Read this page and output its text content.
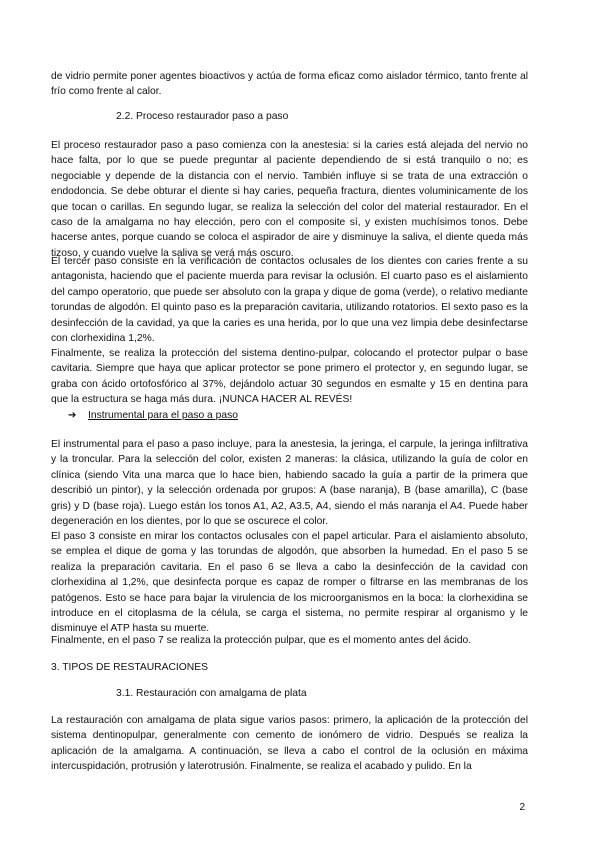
de vidrio permite poner agentes bioactivos y actúa de forma eficaz como aislador térmico, tanto frente al frío como frente al calor.

2.2. Proceso restaurador paso a paso

El proceso restaurador paso a paso comienza con la anestesia: si la caries está alejada del nervio no hace falta, por lo que se puede preguntar al paciente dependiendo de si está tranquilo o no; es negociable y depende de la distancia con el nervio. También influye si se trata de una extracción o endodoncia. Se debe obturar el diente si hay caries, pequeña fractura, dientes voluminicamente de los que tocan o carillas. En segundo lugar, se realiza la selección del color del material restaurador. En el caso de la amalgama no hay elección, pero con el composite sí, y existen muchísimos tonos. Debe hacerse antes, porque cuando se coloca el aspirador de aire y disminuye la saliva, el diente queda más tizoso, y cuando vuelve la saliva se verá más oscuro.

El tercer paso consiste en la verificación de contactos oclusales de los dientes con caries frente a su antagonista, haciendo que el paciente muerda para revisar la oclusión. El cuarto paso es el aislamiento del campo operatorio, que puede ser absoluto con la grapa y dique de goma (verde), o relativo mediante torundas de algodón. El quinto paso es la preparación cavitaria, utilizando rotatorios. El sexto paso es la desinfección de la cavidad, ya que la caries es una herida, por lo que una vez limpia debe desinfectarse con clorhexidina 1,2%.

Finalmente, se realiza la protección del sistema dentino-pulpar, colocando el protector pulpar o base cavitaria. Siempre que haya que aplicar protector se pone primero el protector y, en segundo lugar, se graba con ácido ortofosfórico al 37%, dejándolo actuar 30 segundos en esmalte y 15 en dentina para que la estructura se haga más dura. ¡NUNCA HACER AL REVÉS!

➔ Instrumental para el paso a paso

El instrumental para el paso a paso incluye, para la anestesia, la jeringa, el carpule, la jeringa infiltrativa y la troncular. Para la selección del color, existen 2 maneras: la clásica, utilizando la guía de color en clínica (siendo Vita una marca que lo hace bien, habiendo sacado la guía a partir de la primera que describió un pintor), y la selección ordenada por grupos: A (base naranja), B (base amarilla), C (base gris) y D (base roja). Luego están los tonos A1, A2, A3.5, A4, siendo el más naranja el A4. Puede haber degeneración en los dientes, por lo que se oscurece el color.

El paso 3 consiste en mirar los contactos oclusales con el papel articular. Para el aislamiento absoluto, se emplea el dique de goma y las torundas de algodón, que absorben la humedad. En el paso 5 se realiza la preparación cavitaria. En el paso 6 se lleva a cabo la desinfección de la cavidad con clorhexidina al 1,2%, que desinfecta porque es capaz de romper o filtrarse en las membranas de los patógenos. Esto se hace para bajar la virulencia de los microorganismos en la boca: la clorhexidina se introduce en el citoplasma de la célula, se carga el sistema, no permite respirar al organismo y le disminuye el ATP hasta su muerte.

Finalmente, en el paso 7 se realiza la protección pulpar, que es el momento antes del ácido.

3. TIPOS DE RESTAURACIONES

3.1. Restauración con amalgama de plata

La restauración con amalgama de plata sigue varios pasos: primero, la aplicación de la protección del sistema dentinopulpar, generalmente con cemento de ionómero de vidrio. Después se realiza la aplicación de la amalgama. A continuación, se lleva a cabo el control de la oclusión en máxima intercuspidación, protrusión y laterotrusión. Finalmente, se realiza el acabado y pulido. En la

2
